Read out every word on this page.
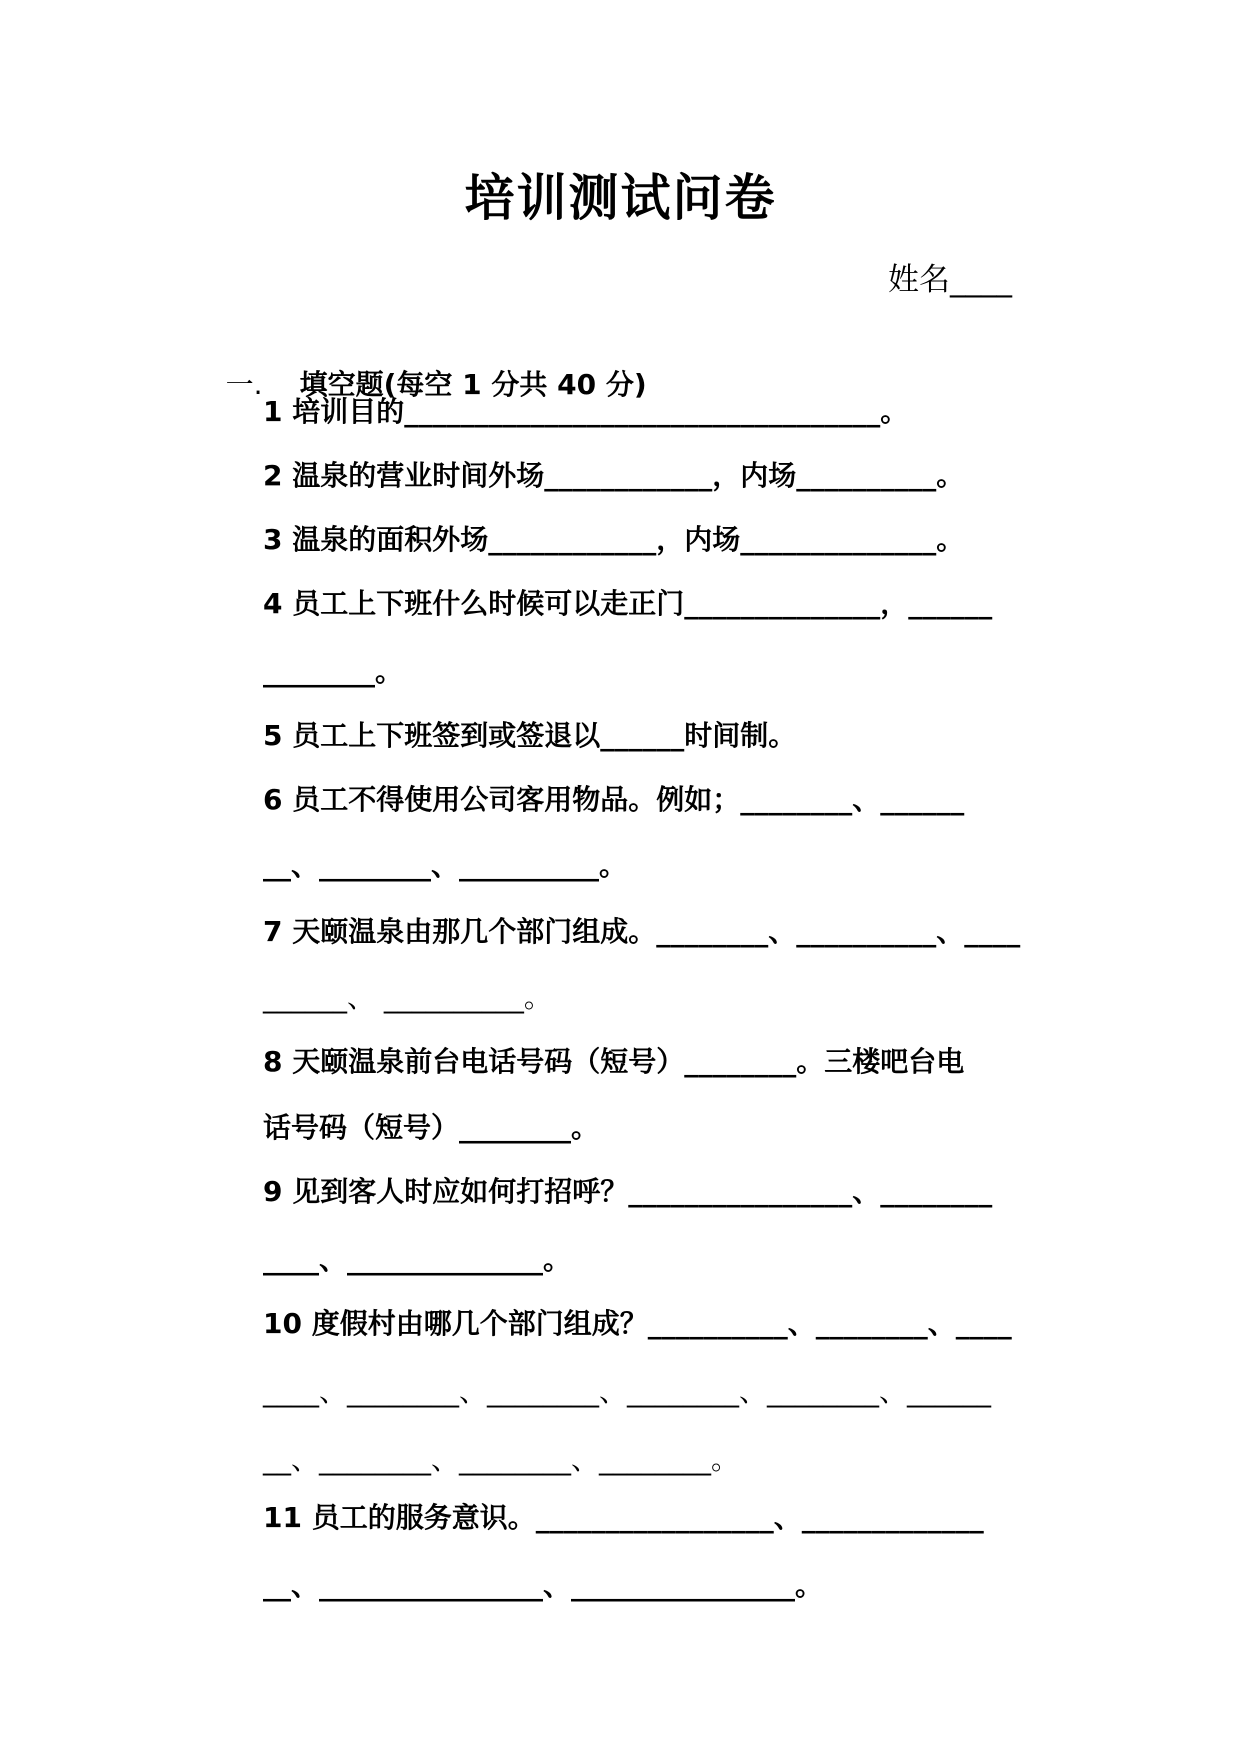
培训测试问卷
姓名____

一. 填空题(每空 1 分共 40 分)

1 培训目的__________________________________。
2 温泉的营业时间外场____________，内场__________。
3 温泉的面积外场____________，内场______________。
4 员工上下班什么时候可以走正门______________，______
________。
5 员工上下班签到或签退以______时间制。
6 员工不得使用公司客用物品。例如；________、______
__、________、__________。
7 天颐温泉由那几个部门组成。________、__________、____
______、 __________。
8 天颐温泉前台电话号码（短号）________。三楼吧台电
话号码（短号）________。
9 见到客人时应如何打招呼？________________、________
____、______________。
10 度假村由哪几个部门组成？__________、________、____
____、________、________、________、________、______
__、________、________、________。
11 员工的服务意识。_________________、_____________
__、________________、________________。
